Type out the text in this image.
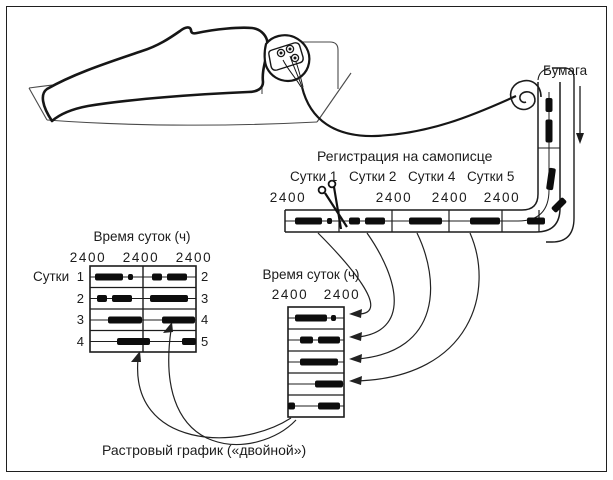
Бумага
Регистрация на самописце
Сутки 1 Сутки 2 Сутки 4 Сутки 5
2400	2400 2400 2400
Время суток (ч)
2400 2400 2400
Сутки 1
2
3
4
2
3
4
5
Время суток (ч)
2400 2400
Растровый график («двойной»)
